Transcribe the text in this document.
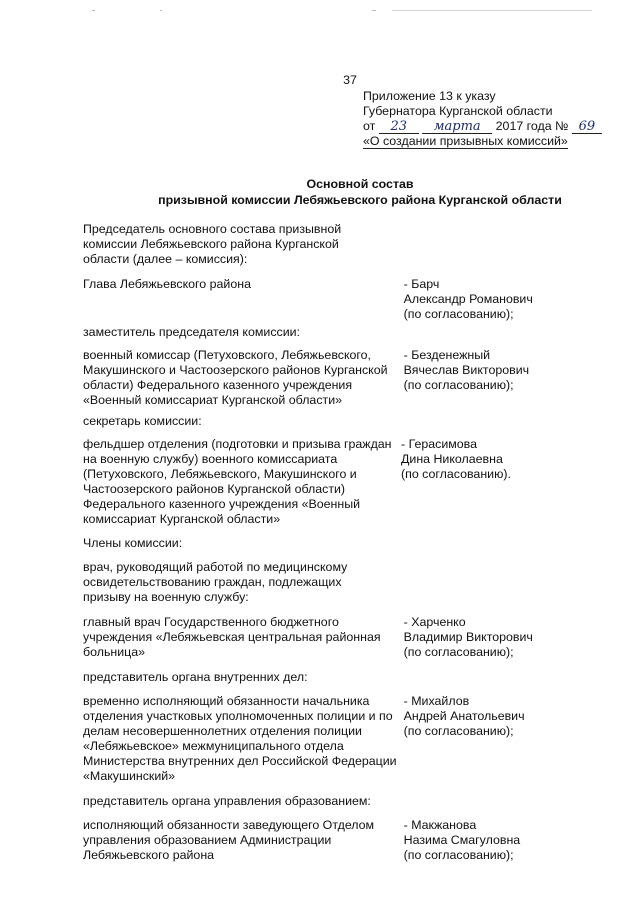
37
Приложение 13 к указу
Губернатора Курганской области
от 23 марта 2017 года № 69
«О создании призывных комиссий»
Основной состав
призывной комиссии Лебяжьевского района Курганской области
Председатель основного состава призывной комиссии Лебяжьевского района Курганской области (далее – комиссия):
Глава Лебяжьевского района	- Барч
Александр Романович
(по согласованию);
заместитель председателя комиссии:
военный комиссар (Петуховского, Лебяжьевского, Макушинского и Частоозерского районов Курганской области) Федерального казенного учреждения «Военный комиссариат Курганской области»
- Безденежный
Вячеслав Викторович
(по согласованию);
секретарь комиссии:
фельдшер отделения (подготовки и призыва граждан на военную службу) военного комиссариата (Петуховского, Лебяжьевского, Макушинского и Частоозерского районов Курганской области) Федерального казенного учреждения «Военный комиссариат Курганской области»
- Герасимова
Дина Николаевна
(по согласованию).
Члены комиссии:
врач, руководящий работой по медицинскому освидетельствованию граждан, подлежащих призыву на военную службу:
главный врач Государственного бюджетного учреждения «Лебяжьевская центральная районная больница»
- Харченко
Владимир Викторович
(по согласованию);
представитель органа внутренних дел:
временно исполняющий обязанности начальника отделения участковых уполномоченных полиции и по делам несовершеннолетних отделения полиции «Лебяжьевское» межмуниципального отдела Министерства внутренних дел Российской Федерации «Макушинский»
- Михайлов
Андрей Анатольевич
(по согласованию);
представитель органа управления образованием:
исполняющий обязанности заведующего Отделом управления образованием Администрации Лебяжьевского района
- Макжанова
Назима Смагуловна
(по согласованию);
